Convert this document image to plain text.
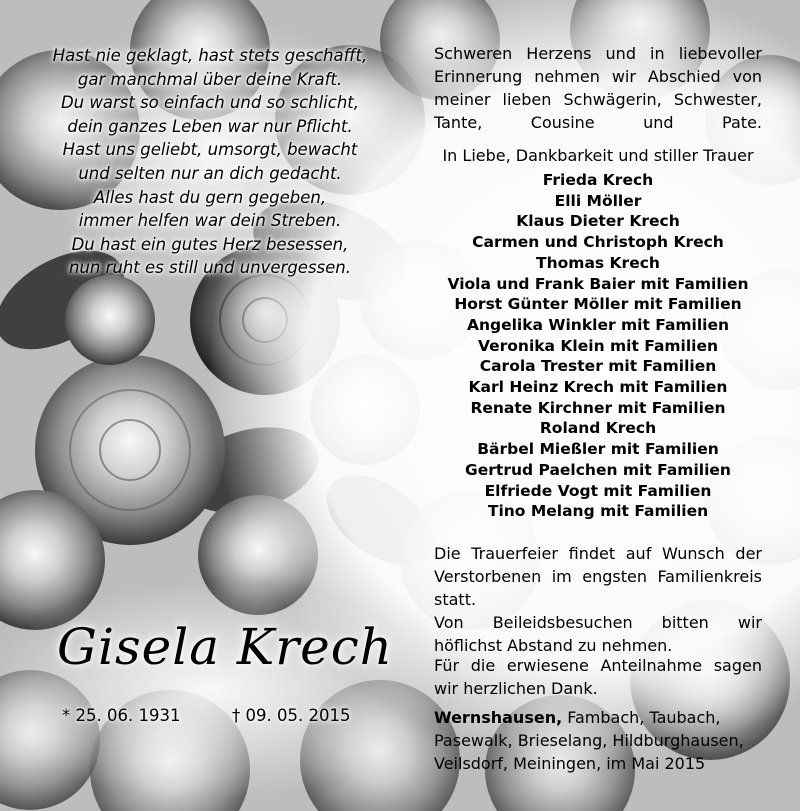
Hast nie geklagt, hast stets geschafft,
gar manchmal über deine Kraft.
Du warst so einfach und so schlicht,
dein ganzes Leben war nur Pflicht.
Hast uns geliebt, umsorgt, bewacht
und selten nur an dich gedacht.
Alles hast du gern gegeben,
immer helfen war dein Streben.
Du hast ein gutes Herz besessen,
nun ruht es still und unvergessen.
Gisela Krech
* 25. 06. 1931	† 09. 05. 2015
Schweren Herzens und in liebevoller
Erinnerung nehmen wir Abschied von
meiner lieben Schwägerin, Schwester,
Tante, Cousine und Pate.
In Liebe, Dankbarkeit und stiller Trauer
Frieda Krech
Elli Möller
Klaus Dieter Krech
Carmen und Christoph Krech
Thomas Krech
Viola und Frank Baier mit Familien
Horst Günter Möller mit Familien
Angelika Winkler mit Familien
Veronika Klein mit Familien
Carola Trester mit Familien
Karl Heinz Krech mit Familien
Renate Kirchner mit Familien
Roland Krech
Bärbel Mießler mit Familien
Gertrud Paelchen mit Familien
Elfriede Vogt mit Familien
Tino Melang mit Familien

Die Trauerfeier findet auf Wunsch der Verstorbenen im engsten Familienkreis statt.

Von Beileidsbesuchen bitten wir höflichst Abstand zu nehmen.

Für die erwiesene Anteilnahme sagen wir herzlichen Dank.

Wernshausen, Fambach, Taubach, Pasewalk, Brieselang, Hildburghausen, Veilsdorf, Meiningen, im Mai 2015
